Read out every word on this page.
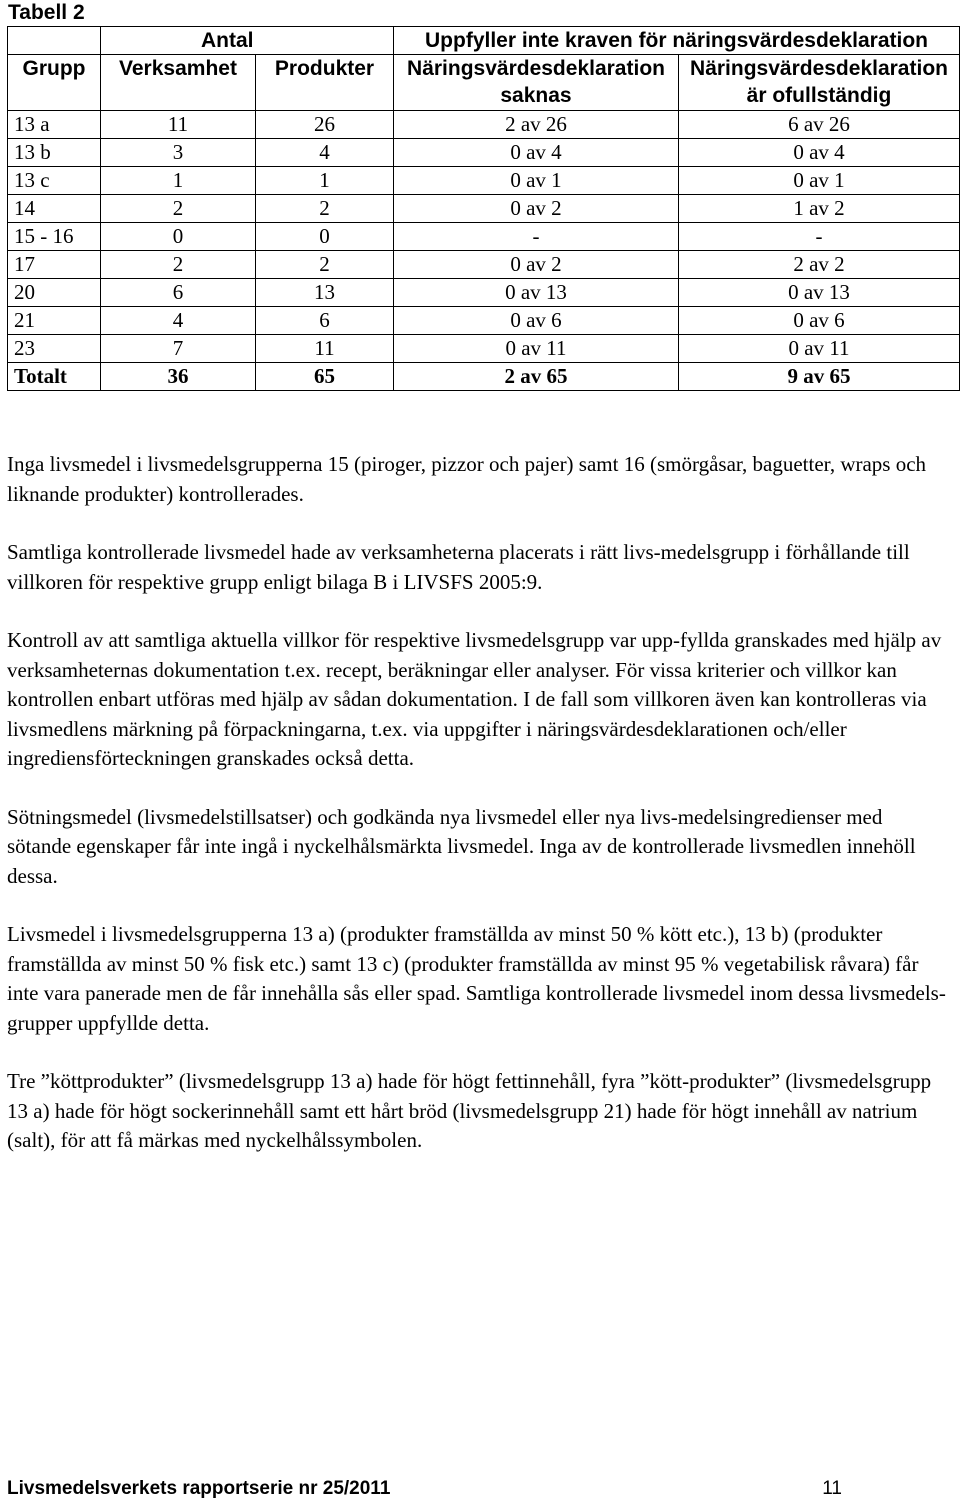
Tabell 2
	Antal		Uppfyller inte kraven för näringsvärdesdeklaration	
Grupp	Verksamhet	Produkter	Näringsvärdesdeklaration saknas	Näringsvärdesdeklaration är ofullständig
13 a	11	26	2 av 26	6 av 26
13 b	3	4	0 av 4	0 av 4
13 c	1	1	0 av 1	0 av 1
14	2	2	0 av 2	1 av 2
15 - 16	0	0	-	-
17	2	2	0 av 2	2 av 2
20	6	13	0 av 13	0 av 13
21	4	6	0 av 6	0 av 6
23	7	11	0 av 11	0 av 11
Totalt	36	65	2 av 65	9 av 65

Inga livsmedel i livsmedelsgrupperna 15 (piroger, pizzor och pajer) samt 16 (smörgåsar, baguetter, wraps och liknande produkter) kontrollerades.

Samtliga kontrollerade livsmedel hade av verksamheterna placerats i rätt livs-medelsgrupp i förhållande till villkoren för respektive grupp enligt bilaga B i LIVSFS 2005:9.

Kontroll av att samtliga aktuella villkor för respektive livsmedelsgrupp var upp-fyllda granskades med hjälp av verksamheternas dokumentation t.ex. recept, beräkningar eller analyser. För vissa kriterier och villkor kan kontrollen enbart utföras med hjälp av sådan dokumentation. I de fall som villkoren även kan kontrolleras via livsmedlens märkning på förpackningarna, t.ex. via uppgifter i näringsvärdesdeklarationen och/eller ingrediensförteckningen granskades också detta.

Sötningsmedel (livsmedelstillsatser) och godkända nya livsmedel eller nya livs-medelsingredienser med sötande egenskaper får inte ingå i nyckelhålsmärkta livsmedel. Inga av de kontrollerade livsmedlen innehöll dessa.

Livsmedel i livsmedelsgrupperna 13 a) (produkter framställda av minst 50 % kött etc.), 13 b) (produkter framställda av minst 50 % fisk etc.) samt 13 c) (produkter framställda av minst 95 % vegetabilisk råvara) får inte vara panerade men de får innehålla sås eller spad. Samtliga kontrollerade livsmedel inom dessa livsmedels-grupper uppfyllde detta.

Tre ”köttprodukter” (livsmedelsgrupp 13 a) hade för högt fettinnehåll, fyra ”kött-produkter” (livsmedelsgrupp 13 a) hade för högt sockerinnehåll samt ett hårt bröd (livsmedelsgrupp 21) hade för högt innehåll av natrium (salt), för att få märkas med nyckelhålssymbolen.

Livsmedelsverkets rapportserie nr 25/2011	11
